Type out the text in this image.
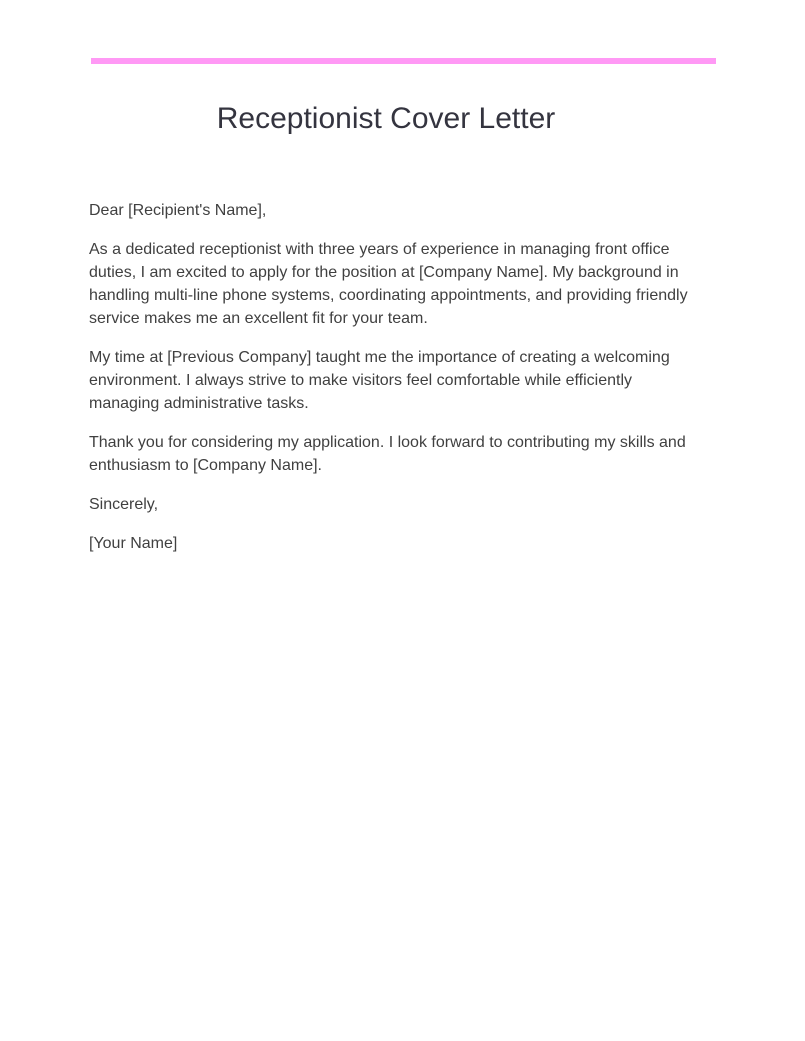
Receptionist Cover Letter

Dear [Recipient's Name],

As a dedicated receptionist with three years of experience in managing front office duties, I am excited to apply for the position at [Company Name]. My background in handling multi-line phone systems, coordinating appointments, and providing friendly service makes me an excellent fit for your team.

My time at [Previous Company] taught me the importance of creating a welcoming environment. I always strive to make visitors feel comfortable while efficiently managing administrative tasks.

Thank you for considering my application. I look forward to contributing my skills and enthusiasm to [Company Name].

Sincerely,

[Your Name]
